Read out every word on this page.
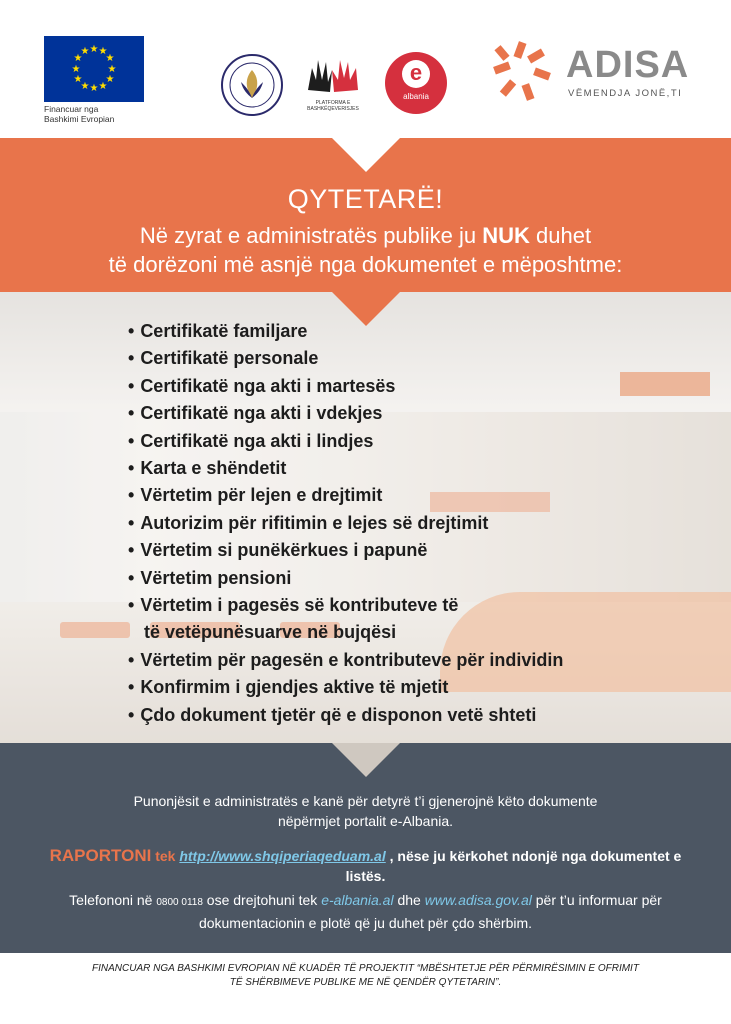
★ ★
★
★
★
★
★
★
★
★
★
★
Financuar nga
Bashkimi Evropian
PLATFORMA E BASHKËQEVERISJES
e
albania
ADISA
VËMENDJA JONË,TI
QYTETARË!
Në zyrat e administratës publike ju NUK duhet
të dorëzoni më asnjë nga dokumentet e mëposhtme:
• Certifikatë familjare
• Certifikatë personale
• Certifikatë nga akti i martesës
• Certifikatë nga akti i vdekjes
• Certifikatë nga akti i lindjes
• Karta e shëndetit
• Vërtetim për lejen e drejtimit
• Autorizim për rifitimin e lejes së drejtimit
• Vërtetim si punëkërkues i papunë
• Vërtetim pensioni
• Vërtetim i pagesës së kontributeve të
të vetëpunësuarve në bujqësi
• Vërtetim për pagesën e kontributeve për individin
• Konfirmim i gjendjes aktive të mjetit
• Çdo dokument tjetër që e disponon vetë shteti
Punonjësit e administratës e kanë për detyrë t’i gjenerojnë këto dokumente
nëpërmjet portalit e-Albania.
RAPORTONI tek http://www.shqiperiaqeduam.al , nëse ju kërkohet ndonjë nga dokumentet e listës.
Telefononi në 0800 0118 ose drejtohuni tek e-albania.al dhe www.adisa.gov.al për t’u informuar për dokumentacionin e plotë që ju duhet për çdo shërbim.
FINANCUAR NGA BASHKIMI EVROPIAN NË KUADËR TË PROJEKTIT “MBËSHTETJE PËR PËRMIRËSIMIN E OFRIMIT
TË SHËRBIMEVE PUBLIKE ME NË QENDËR QYTETARIN”.
